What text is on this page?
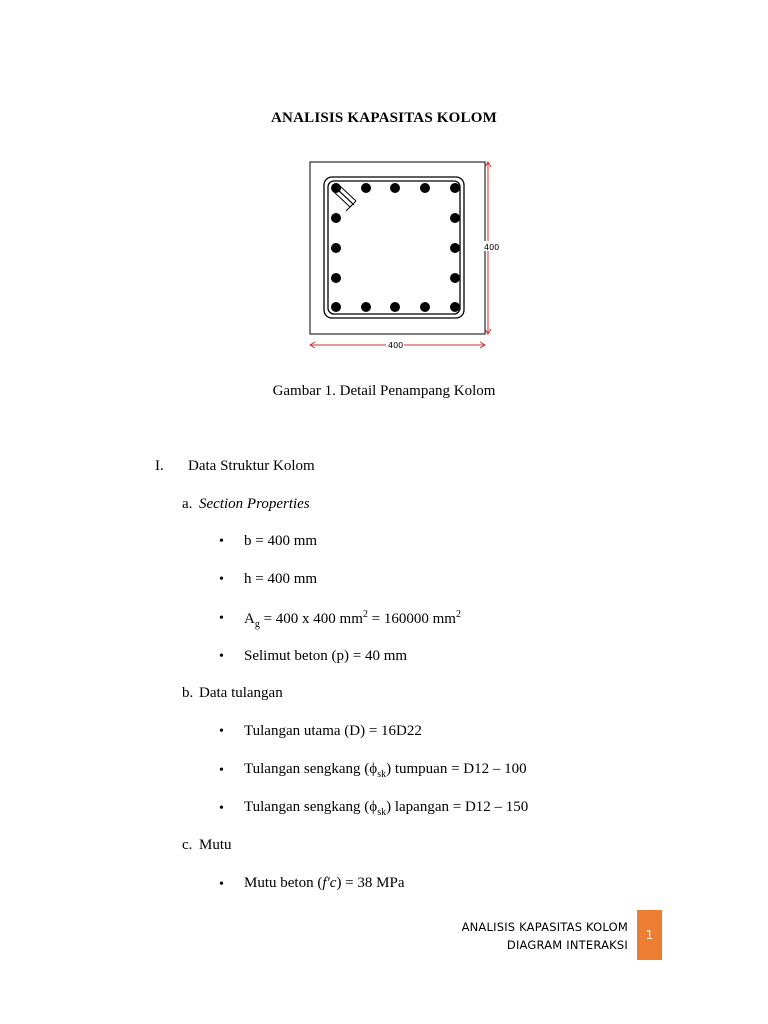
ANALISIS KAPASITAS KOLOM
400
400
Gambar 1. Detail Penampang Kolom
I. Data Struktur Kolom
a. Section Properties
• b = 400 mm
• h = 400 mm
• $A_g = 400$ x 400 $mm^2 = 160000$ $mm^2$
• Selimut beton (p) = 40 mm
b. Data tulangan
• Tulangan utama (D) = 16D22
• Tulangan sengkang $(\phi_{sk})$ tumpuan = D12 – 100
• Tulangan sengkang $(\phi_{sk})$ lapangan = D12 – 150
c. Mutu
• Mutu beton (f′c) = 38 MPa
ANALISIS KAPASITAS KOLOM
DIAGRAM INTERAKSI
1
